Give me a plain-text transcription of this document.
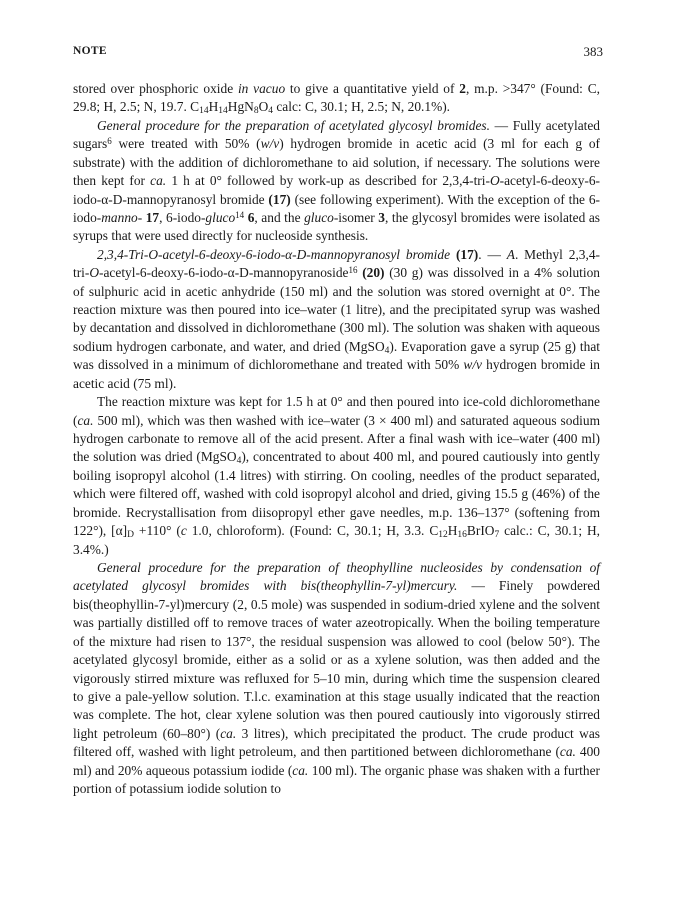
NOTE	383

stored over phosphoric oxide in vacuo to give a quantitative yield of 2, m.p. >347° (Found: C, 29.8; H, 2.5; N, 19.7. $C_{14}H_{14}HgN_8O_4$ calc: C, 30.1; H, 2.5; N, 20.1%).

General procedure for the preparation of acetylated glycosyl bromides. — Fully acetylated sugars$^6$ were treated with 50% (w/v) hydrogen bromide in acetic acid (3 ml for each g of substrate) with the addition of dichloromethane to aid solution, if necessary. The solutions were then kept for ca. 1 h at 0° followed by work-up as described for 2,3,4-tri-O-acetyl-6-deoxy-6-iodo-α-D-mannopyranosyl bromide (17) (see following experiment). With the exception of the 6-iodo-manno- 17, 6-iodo-gluco$^{14}$ 6, and the gluco-isomer 3, the glycosyl bromides were isolated as syrups that were used directly for nucleoside synthesis.

2,3,4-Tri-O-acetyl-6-deoxy-6-iodo-α-D-mannopyranosyl bromide (17). — A. Methyl 2,3,4-tri-O-acetyl-6-deoxy-6-iodo-α-D-mannopyranoside$^{16}$ (20) (30 g) was dissolved in a 4% solution of sulphuric acid in acetic anhydride (150 ml) and the solution was stored overnight at 0°. The reaction mixture was then poured into ice–water (1 litre), and the precipitated syrup was washed by decantation and dissolved in dichloromethane (300 ml). The solution was shaken with aqueous sodium hydrogen carbonate, and water, and dried (MgSO$_4$). Evaporation gave a syrup (25 g) that was dissolved in a minimum of dichloromethane and treated with 50% w/v hydrogen bromide in acetic acid (75 ml).

The reaction mixture was kept for 1.5 h at 0° and then poured into ice-cold dichloromethane (ca. 500 ml), which was then washed with ice–water (3 × 400 ml) and saturated aqueous sodium hydrogen carbonate to remove all of the acid present. After a final wash with ice–water (400 ml) the solution was dried (MgSO$_4$), concentrated to about 400 ml, and poured cautiously into gently boiling isopropyl alcohol (1.4 litres) with stirring. On cooling, needles of the product separated, which were filtered off, washed with cold isopropyl alcohol and dried, giving 15.5 g (46%) of the bromide. Recrystallisation from diisopropyl ether gave needles, m.p. 136–137° (softening from 122°), $[\alpha]_D +110^\circ$ (c 1.0, chloroform). (Found: C, 30.1; H, 3.3. $C_{12}H_{16}BrIO_7$ calc.: C, 30.1; H, 3.4%.)

General procedure for the preparation of theophylline nucleosides by condensation of acetylated glycosyl bromides with bis(theophyllin-7-yl)mercury. — Finely powdered bis(theophyllin-7-yl)mercury (2, 0.5 mole) was suspended in sodium-dried xylene and the solvent was partially distilled off to remove traces of water azeotropically. When the boiling temperature of the mixture had risen to 137°, the residual suspension was allowed to cool (below 50°). The acetylated glycosyl bromide, either as a solid or as a xylene solution, was then added and the vigorously stirred mixture was refluxed for 5–10 min, during which time the suspension cleared to give a pale-yellow solution. T.l.c. examination at this stage usually indicated that the reaction was complete. The hot, clear xylene solution was then poured cautiously into vigorously stirred light petroleum (60–80°) (ca. 3 litres), which precipitated the product. The crude product was filtered off, washed with light petroleum, and then partitioned between dichloromethane (ca. 400 ml) and 20% aqueous potassium iodide (ca. 100 ml). The organic phase was shaken with a further portion of potassium iodide solution to
